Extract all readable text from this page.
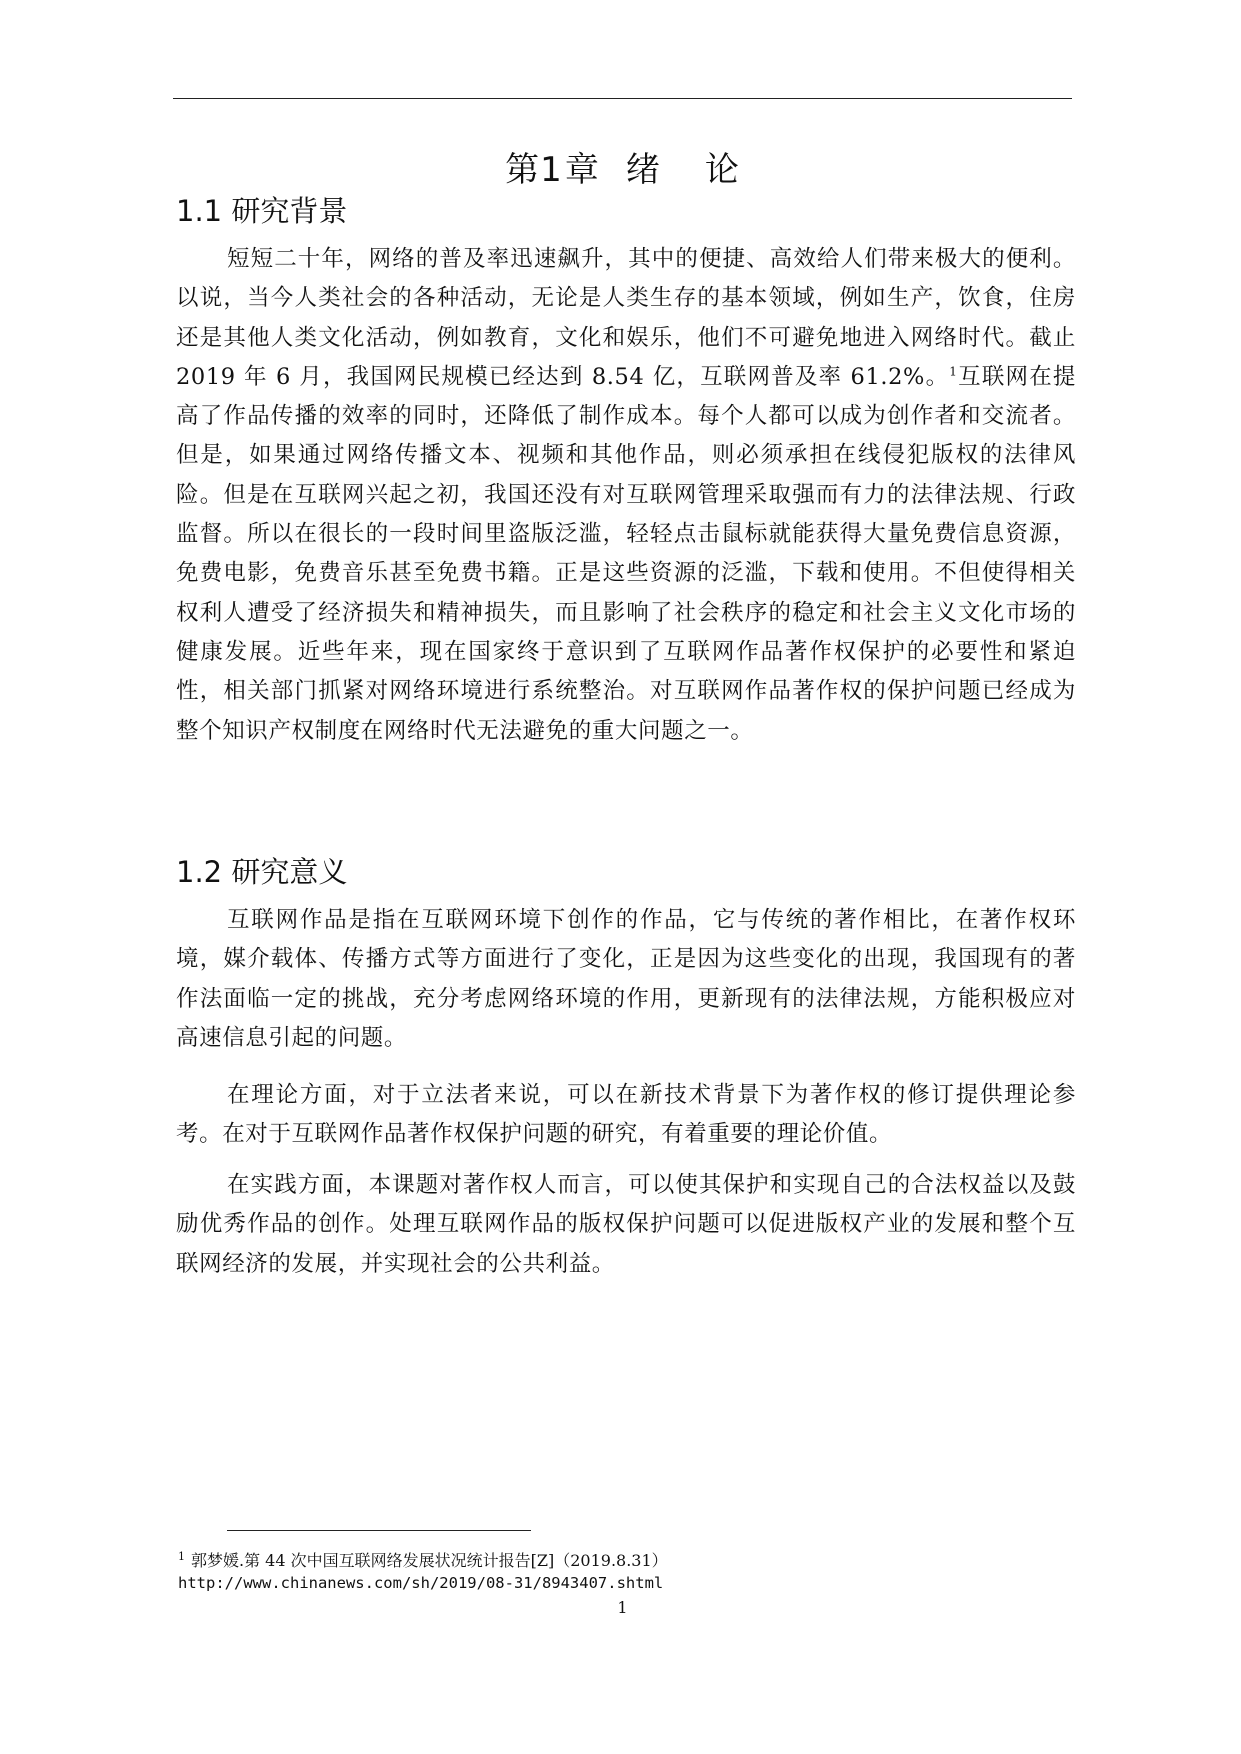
第1章 绪 论
1.1 研究背景

短短二十年，网络的普及率迅速飙升，其中的便捷、高效给人们带来极大的便利。以说，当今人类社会的各种活动，无论是人类生存的基本领域，例如生产，饮食，住房还是其他人类文化活动，例如教育，文化和娱乐，他们不可避免地进入网络时代。截止 2019 年 6 月，我国网民规模已经达到 8.54 亿，互联网普及率 61.2%。$^1$互联网在提高了作品传播的效率的同时，还降低了制作成本。每个人都可以成为创作者和交流者。但是，如果通过网络传播文本、视频和其他作品，则必须承担在线侵犯版权的法律风险。但是在互联网兴起之初，我国还没有对互联网管理采取强而有力的法律法规、行政监督。所以在很长的一段时间里盗版泛滥，轻轻点击鼠标就能获得大量免费信息资源，免费电影，免费音乐甚至免费书籍。正是这些资源的泛滥，下载和使用。不但使得相关权利人遭受了经济损失和精神损失，而且影响了社会秩序的稳定和社会主义文化市场的健康发展。近些年来，现在国家终于意识到了互联网作品著作权保护的必要性和紧迫性，相关部门抓紧对网络环境进行系统整治。对互联网作品著作权的保护问题已经成为整个知识产权制度在网络时代无法避免的重大问题之一。

1.2 研究意义

互联网作品是指在互联网环境下创作的作品，它与传统的著作相比，在著作权环境，媒介载体、传播方式等方面进行了变化，正是因为这些变化的出现，我国现有的著作法面临一定的挑战，充分考虑网络环境的作用，更新现有的法律法规，方能积极应对高速信息引起的问题。

在理论方面，对于立法者来说，可以在新技术背景下为著作权的修订提供理论参考。在对于互联网作品著作权保护问题的研究，有着重要的理论价值。

在实践方面，本课题对著作权人而言，可以使其保护和实现自己的合法权益以及鼓励优秀作品的创作。处理互联网作品的版权保护问题可以促进版权产业的发展和整个互联网经济的发展，并实现社会的公共利益。

$^1$ 郭梦媛.第 44 次中国互联网络发展状况统计报告[Z]（2019.8.31）
http://www.chinanews.com/sh/2019/08-31/8943407.shtml
1
